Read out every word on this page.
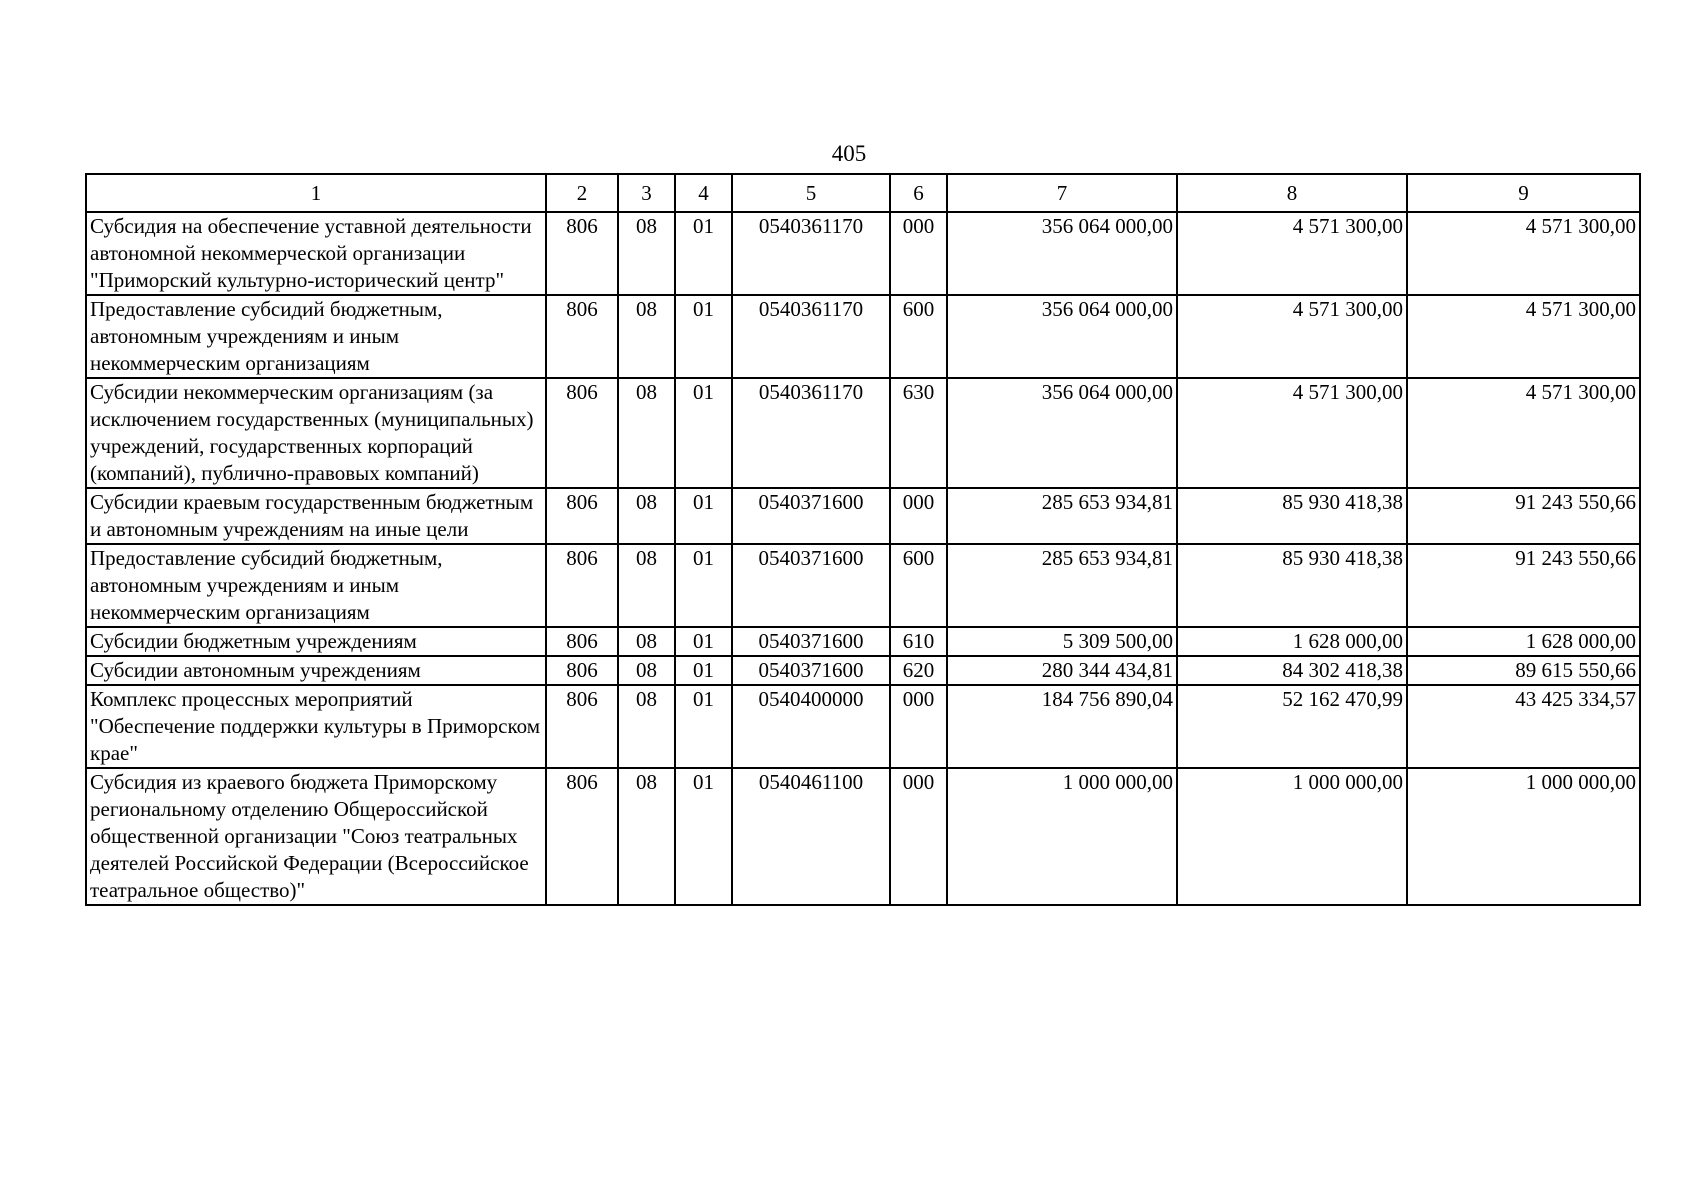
405
1	2	3	4	5	6	7	8	9
Субсидия на обеспечение уставной деятельности автономной некоммерческой организации "Приморский культурно-исторический центр"	806	08	01	0540361170	000	356 064 000,00	4 571 300,00	4 571 300,00
Предоставление субсидий бюджетным, автономным учреждениям и иным некоммерческим организациям	806	08	01	0540361170	600	356 064 000,00	4 571 300,00	4 571 300,00
Субсидии некоммерческим организациям (за исключением государственных (муниципальных) учреждений, государственных корпораций (компаний), публично-правовых компаний)	806	08	01	0540361170	630	356 064 000,00	4 571 300,00	4 571 300,00
Субсидии краевым государственным бюджетным и автономным учреждениям на иные цели	806	08	01	0540371600	000	285 653 934,81	85 930 418,38	91 243 550,66
Предоставление субсидий бюджетным, автономным учреждениям и иным некоммерческим организациям	806	08	01	0540371600	600	285 653 934,81	85 930 418,38	91 243 550,66
Субсидии бюджетным учреждениям	806	08	01	0540371600	610	5 309 500,00	1 628 000,00	1 628 000,00
Субсидии автономным учреждениям	806	08	01	0540371600	620	280 344 434,81	84 302 418,38	89 615 550,66
Комплекс процессных мероприятий "Обеспечение поддержки культуры в Приморском крае"	806	08	01	0540400000	000	184 756 890,04	52 162 470,99	43 425 334,57
Субсидия из краевого бюджета Приморскому региональному отделению Общероссийской общественной организации "Союз театральных деятелей Российской Федерации (Всероссийское театральное общество)"	806	08	01	0540461100	000	1 000 000,00	1 000 000,00	1 000 000,00
